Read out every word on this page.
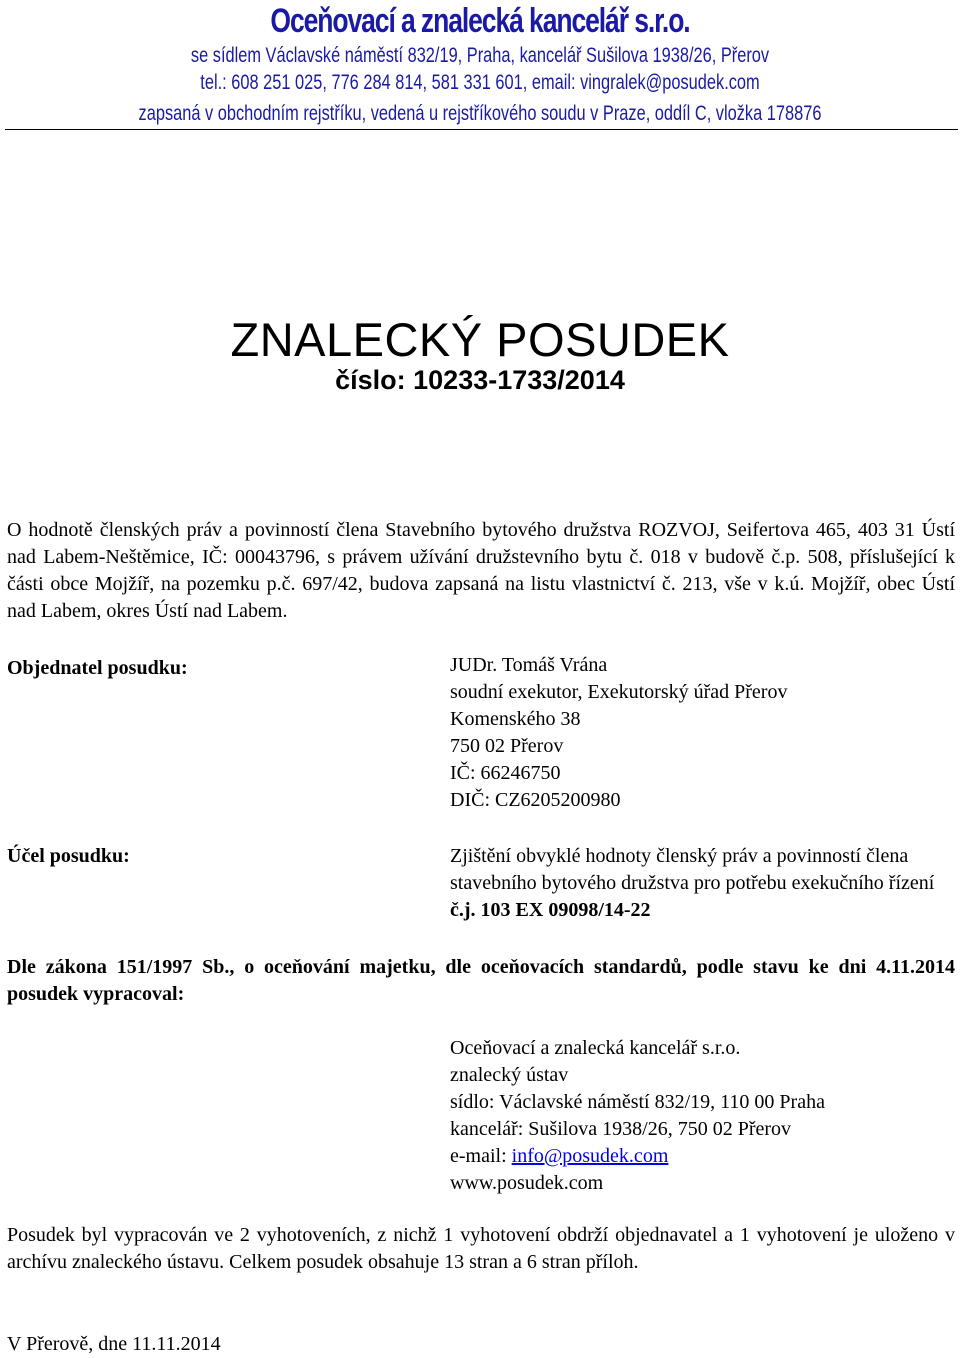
Oceňovací a znalecká kancelář s.r.o.
se sídlem Václavské náměstí 832/19, Praha, kancelář Sušilova 1938/26, Přerov
tel.: 608 251 025, 776 284 814, 581 331 601, email: vingralek@posudek.com
zapsaná v obchodním rejstříku, vedená u rejstříkového soudu v Praze, oddíl C, vložka 178876
ZNALECKÝ POSUDEK
číslo: 10233-1733/2014
O hodnotě členských práv a povinností člena Stavebního bytového družstva ROZVOJ, Seifertova 465, 403 31 Ústí nad Labem-Neštěmice, IČ: 00043796, s právem užívání družstevního bytu č. 018 v budově č.p. 508, příslušející k části obce Mojžíř, na pozemku p.č. 697/42, budova zapsaná na listu vlastnictví č. 213, vše v k.ú. Mojžíř, obec Ústí nad Labem, okres Ústí nad Labem.
Objednatel posudku:	JUDr. Tomáš Vrána
soudní exekutor, Exekutorský úřad Přerov
Komenského 38
750 02 Přerov
IČ: 66246750
DIČ: CZ6205200980
Účel posudku:	Zjištění obvyklé hodnoty členský práv a povinností člena stavebního bytového družstva pro potřebu exekučního řízení č.j. 103 EX 09098/14-22
Dle zákona 151/1997 Sb., o oceňování majetku, dle oceňovacích standardů, podle stavu ke dni 4.11.2014 posudek vypracoval:
Oceňovací a znalecká kancelář s.r.o.
znalecký ústav
sídlo: Václavské náměstí 832/19, 110 00 Praha
kancelář: Sušilova 1938/26, 750 02 Přerov
e-mail: info@posudek.com
www.posudek.com
Posudek byl vypracován ve 2 vyhotoveních, z nichž 1 vyhotovení obdrží objednavatel a 1 vyhotovení je uloženo v archívu znaleckého ústavu. Celkem posudek obsahuje 13 stran a 6 stran příloh.
V Přerově, dne 11.11.2014
